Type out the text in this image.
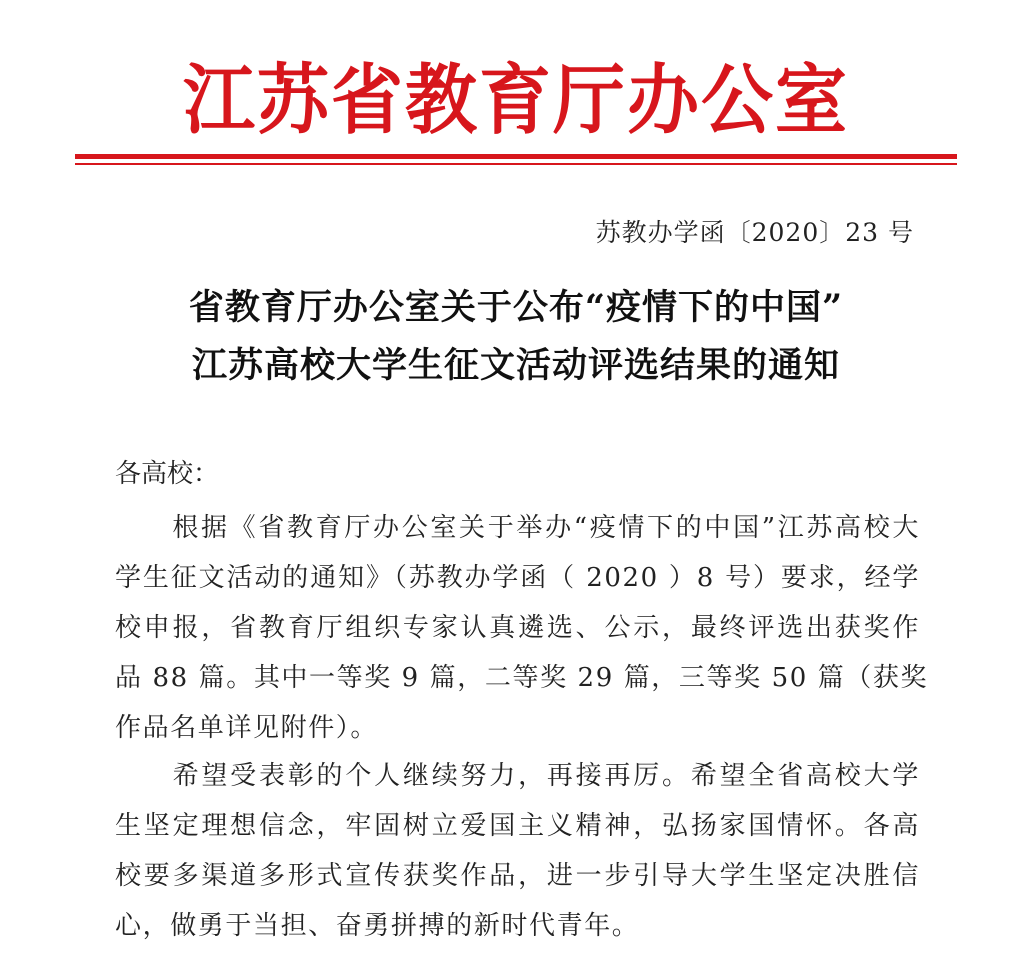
江苏省教育厅办公室
苏教办学函〔2020〕23 号
省教育厅办公室关于公布“疫情下的中国”
江苏高校大学生征文活动评选结果的通知
各高校：
　　根据《省教育厅办公室关于举办“疫情下的中国”江苏高校大
学生征文活动的通知》（苏教办学函（ 2020 ）8 号）要求，经学
校申报，省教育厅组织专家认真遴选、公示，最终评选出获奖作
品 88 篇。其中一等奖 9 篇，二等奖 29 篇，三等奖 50 篇（获奖
作品名单详见附件）。
　　希望受表彰的个人继续努力，再接再厉。希望全省高校大学
生坚定理想信念，牢固树立爱国主义精神，弘扬家国情怀。各高
校要多渠道多形式宣传获奖作品，进一步引导大学生坚定决胜信
心，做勇于当担、奋勇拼搏的新时代青年。
